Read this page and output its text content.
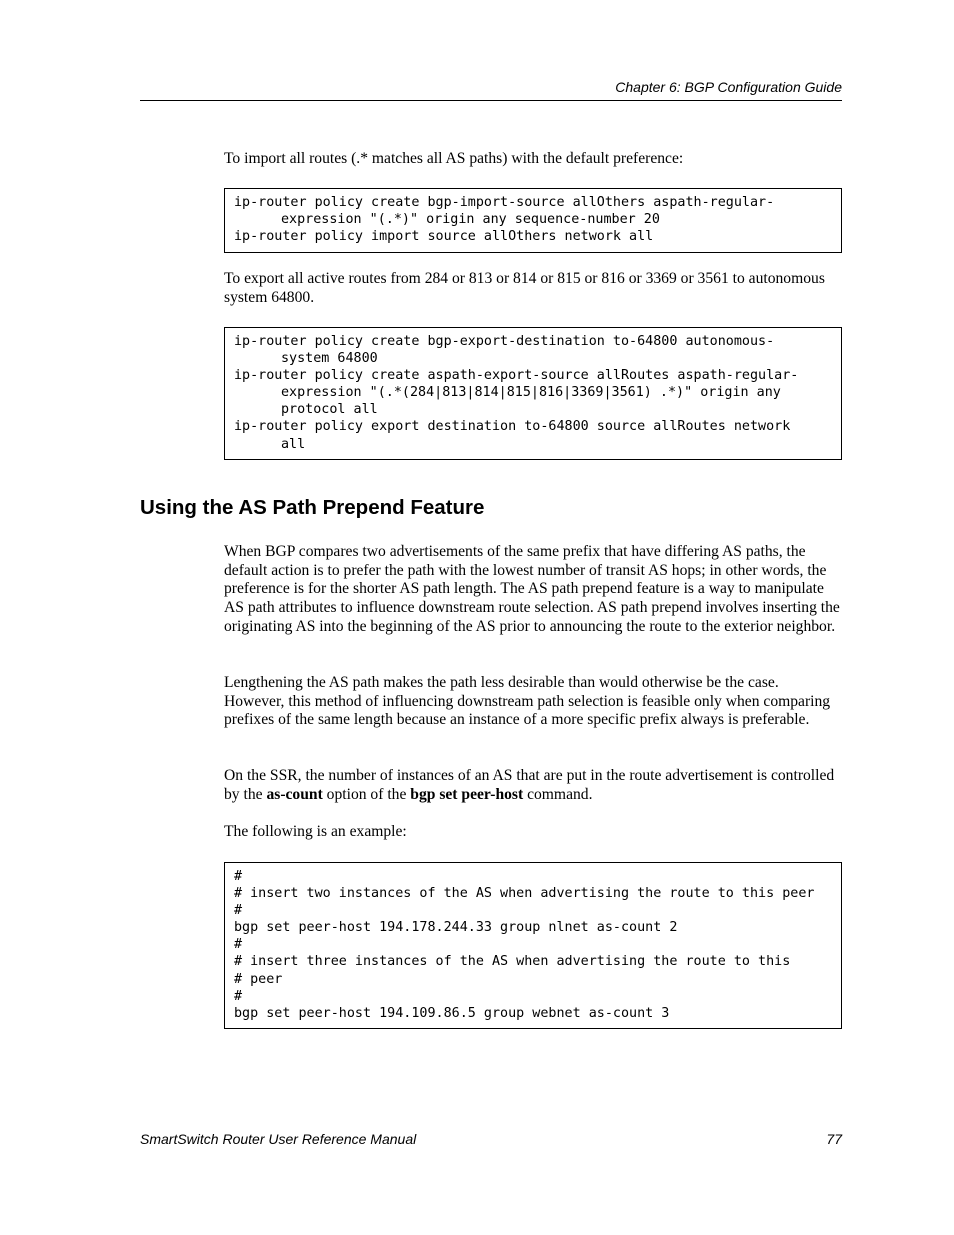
Chapter 6: BGP Configuration Guide

To import all routes (.* matches all AS paths) with the default preference:

ip-router policy create bgp-import-source allOthers aspath-regular-
expression "(.*)" origin any sequence-number 20
ip-router policy import source allOthers network all

To export all active routes from 284 or 813 or 814 or 815 or 816 or 3369 or 3561 to autonomous system 64800.

ip-router policy create bgp-export-destination to-64800 autonomous-
system 64800
ip-router policy create aspath-export-source allRoutes aspath-regular-
expression "(.*(284|813|814|815|816|3369|3561) .*)" origin any
protocol all
ip-router policy export destination to-64800 source allRoutes network
all
Using the AS Path Prepend Feature

When BGP compares two advertisements of the same prefix that have differing AS paths, the default action is to prefer the path with the lowest number of transit AS hops; in other words, the preference is for the shorter AS path length. The AS path prepend feature is a way to manipulate AS path attributes to influence downstream route selection. AS path prepend involves inserting the originating AS into the beginning of the AS prior to announcing the route to the exterior neighbor.

Lengthening the AS path makes the path less desirable than would otherwise be the case. However, this method of influencing downstream path selection is feasible only when comparing prefixes of the same length because an instance of a more specific prefix always is preferable.

On the SSR, the number of instances of an AS that are put in the route advertisement is controlled by the as-count option of the bgp set peer-host command.

The following is an example:

#
# insert two instances of the AS when advertising the route to this peer
#
bgp set peer-host 194.178.244.33 group nlnet as-count 2
#
# insert three instances of the AS when advertising the route to this
# peer
#
bgp set peer-host 194.109.86.5 group webnet as-count 3
SmartSwitch Router User Reference Manual	77
